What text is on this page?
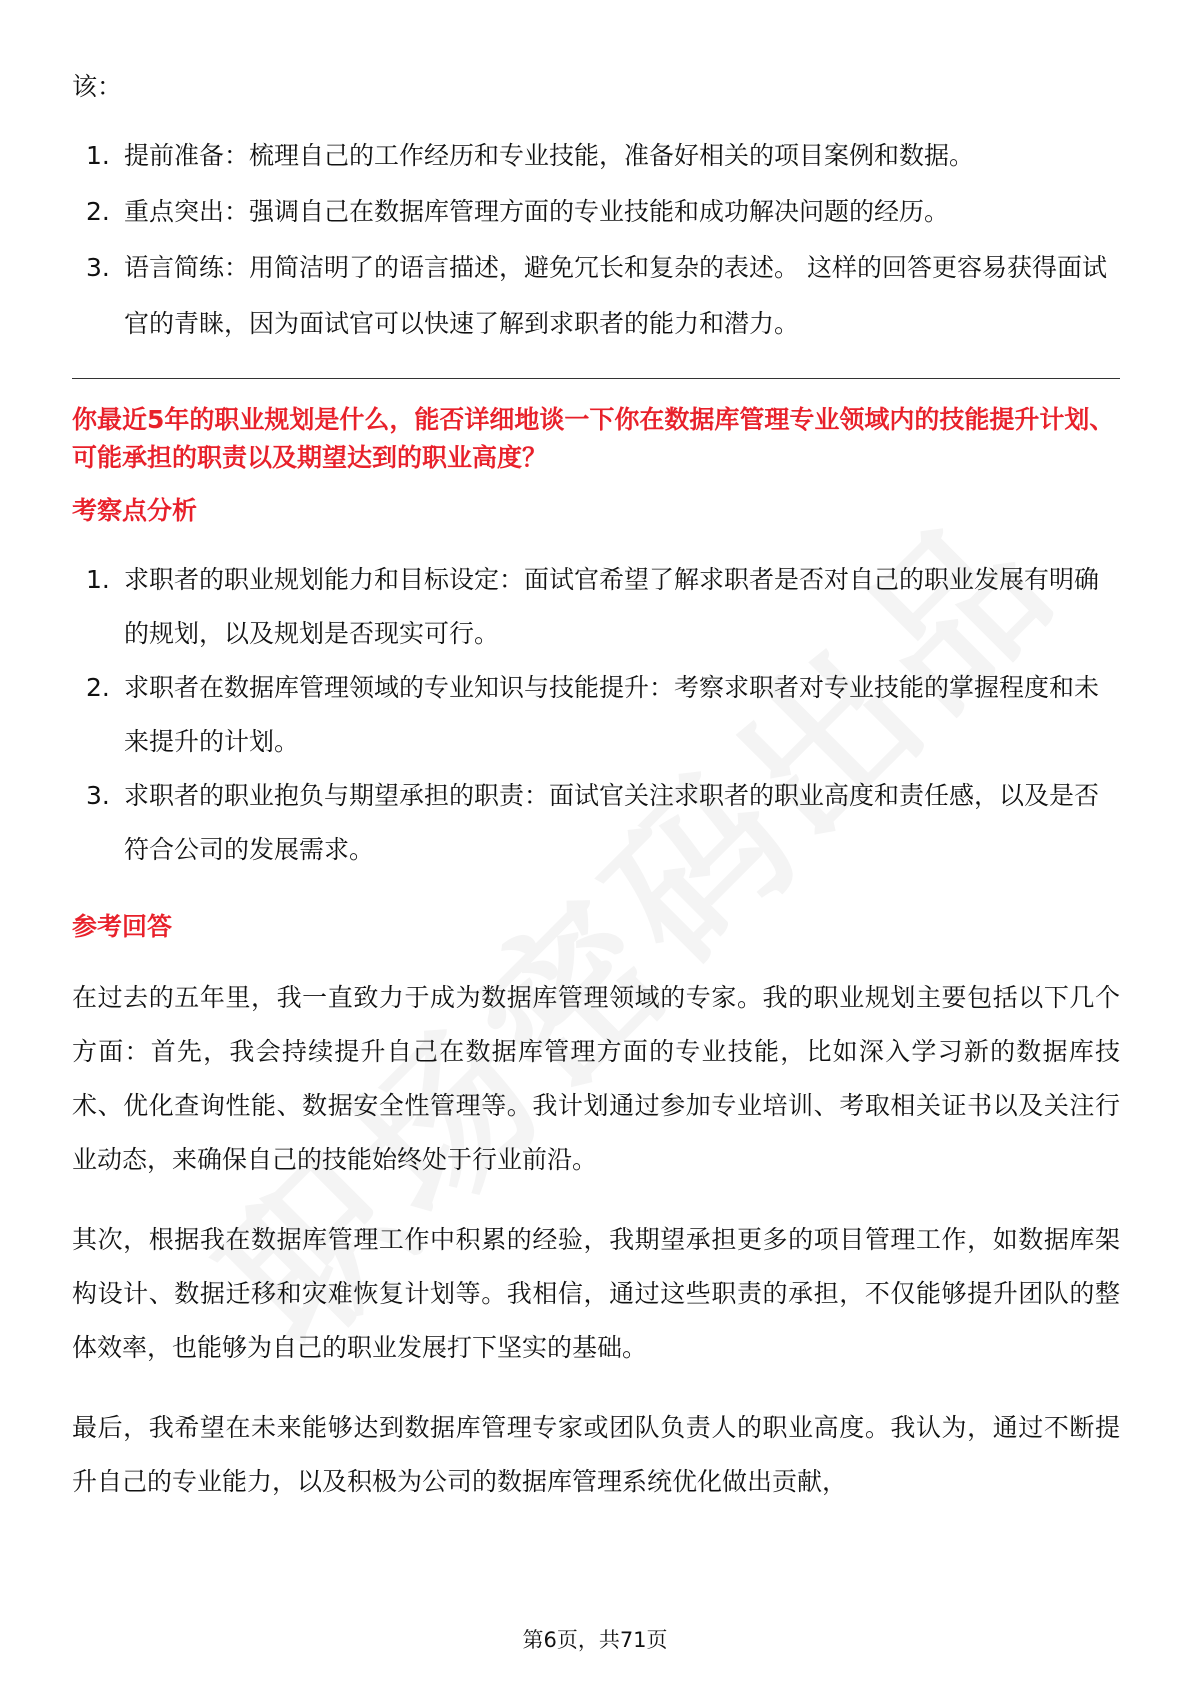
该：
1. 提前准备：梳理自己的工作经历和专业技能，准备好相关的项目案例和数据。
2. 重点突出：强调自己在数据库管理方面的专业技能和成功解决问题的经历。
3. 语言简练：用简洁明了的语言描述，避免冗长和复杂的表述。 这样的回答更容易获得面试官的青睐，因为面试官可以快速了解到求职者的能力和潜力。
你最近5年的职业规划是什么，能否详细地谈一下你在数据库管理专业领域内的技能提升计划、可能承担的职责以及期望达到的职业高度？
考察点分析
1. 求职者的职业规划能力和目标设定：面试官希望了解求职者是否对自己的职业发展有明确的规划，以及规划是否现实可行。
2. 求职者在数据库管理领域的专业知识与技能提升：考察求职者对专业技能的掌握程度和未来提升的计划。
3. 求职者的职业抱负与期望承担的职责：面试官关注求职者的职业高度和责任感，以及是否符合公司的发展需求。
参考回答

在过去的五年里，我一直致力于成为数据库管理领域的专家。我的职业规划主要包括以下几个方面：首先，我会持续提升自己在数据库管理方面的专业技能，比如深入学习新的数据库技术、优化查询性能、数据安全性管理等。我计划通过参加专业培训、考取相关证书以及关注行业动态，来确保自己的技能始终处于行业前沿。

其次，根据我在数据库管理工作中积累的经验，我期望承担更多的项目管理工作，如数据库架构设计、数据迁移和灾难恢复计划等。我相信，通过这些职责的承担，不仅能够提升团队的整体效率，也能够为自己的职业发展打下坚实的基础。

最后，我希望在未来能够达到数据库管理专家或团队负责人的职业高度。我认为，通过不断提升自己的专业能力，以及积极为公司的数据库管理系统优化做出贡献，

第6页，共71页
